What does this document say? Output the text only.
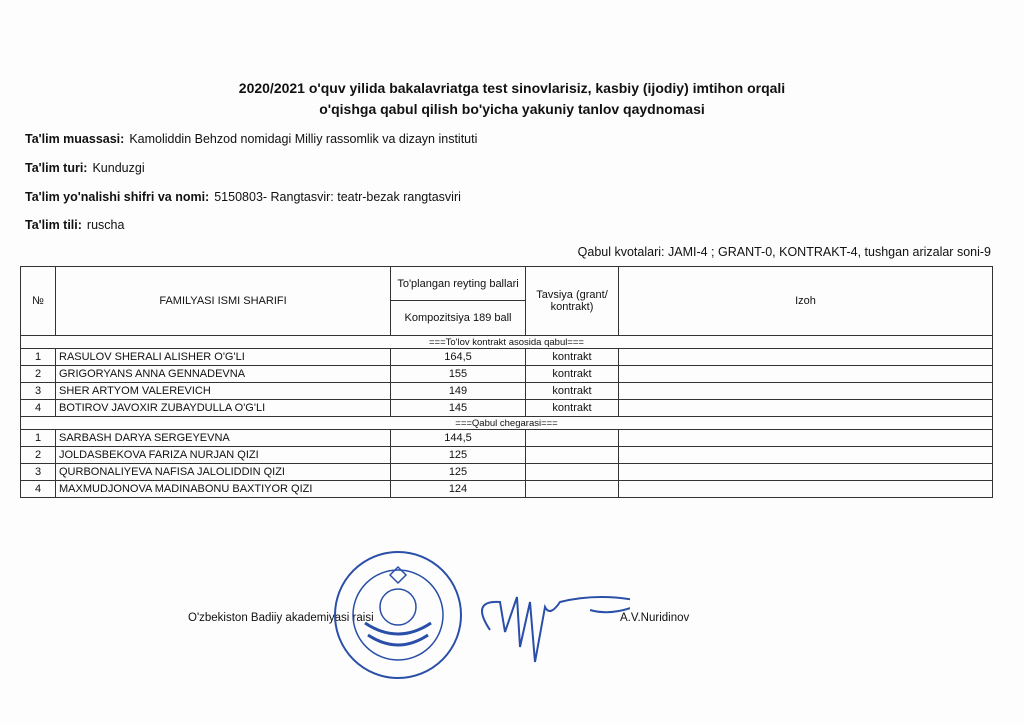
2020/2021 o'quv yilida bakalavriatga test sinovlarisiz, kasbiy (ijodiy) imtihon orqali
o'qishga qabul qilish bo'yicha yakuniy tanlov qaydnomasi
Ta'lim muassasi: Kamoliddin Behzod nomidagi Milliy rassomlik va dizayn instituti
Ta'lim turi: Kunduzgi
Ta'lim yo'nalishi shifri va nomi: 5150803- Rangtasvir: teatr-bezak rangtasviri
Ta'lim tili: ruscha
Qabul kvotalari: JAMI-4 ; GRANT-0, KONTRAKT-4, tushgan arizalar soni-9
№	FAMILYASI ISMI SHARIFI	To'plangan reyting ballari	Tavsiya (grant/ kontrakt)	Izoh
		Kompozitsiya 189 ball		
===To'lov kontrakt asosida qabul===				
1	RASULOV SHERALI ALISHER O'G'LI	164,5	kontrakt	
2	GRIGORYANS ANNA GENNADEVNA	155	kontrakt	
3	SHER ARTYOM VALEREVICH	149	kontrakt	
4	BOTIROV JAVOXIR ZUBAYDULLA O'G'LI	145	kontrakt	
===Qabul chegarasi===				
1	SARBASH DARYA SERGEYEVNA	144,5		
2	JOLDASBEKOVA FARIZA NURJAN QIZI	125		
3	QURBONALIYEVA NAFISA JALOLIDDIN QIZI	125		
4	MAXMUDJONOVA MADINABONU BAXTIYOR QIZI	124		
O'zbekiston Badiiy akademiyasi raisi	A.V.Nuridinov
